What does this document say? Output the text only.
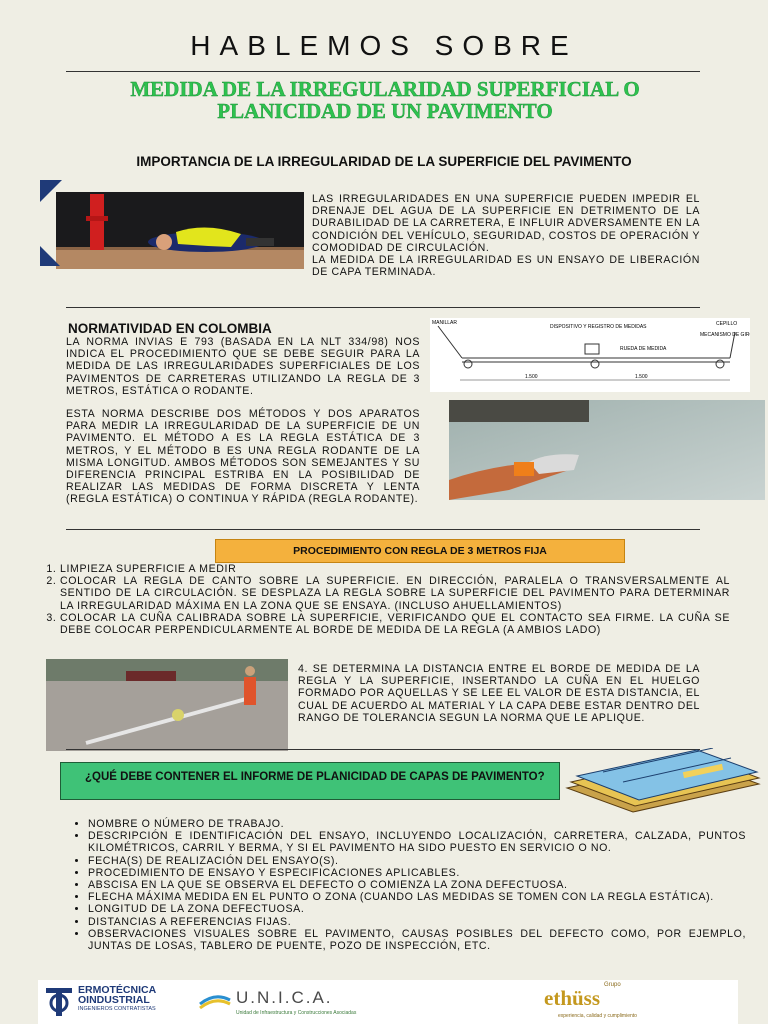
HABLEMOS SOBRE
MEDIDA DE LA IRREGULARIDAD SUPERFICIAL O PLANICIDAD DE UN PAVIMENTO
IMPORTANCIA DE LA IRREGULARIDAD DE LA SUPERFICIE DEL PAVIMENTO
LAS IRREGULARIDADES EN UNA SUPERFICIE PUEDEN IMPEDIR EL DRENAJE DEL AGUA DE LA SUPERFICIE EN DETRIMENTO DE LA DURABILIDAD DE LA CARRETERA, E INFLUIR ADVERSAMENTE EN LA CONDICIÓN DEL VEHÍCULO, SEGURIDAD, COSTOS DE OPERACIÓN Y COMODIDAD DE CIRCULACIÓN.
LA MEDIDA DE LA IRREGULARIDAD ES UN ENSAYO DE LIBERACIÓN DE CAPA TERMINADA.
NORMATIVIDAD EN COLOMBIA
LA NORMA INVIAS E 793 (BASADA EN LA NLT 334/98) NOS INDICA EL PROCEDIMIENTO QUE SE DEBE SEGUIR PARA LA MEDIDA DE LAS IRREGULARIDADES SUPERFICIALES DE LOS PAVIMENTOS DE CARRETERAS UTILIZANDO LA REGLA DE 3 METROS, ESTÁTICA O RODANTE.
ESTA NORMA DESCRIBE DOS MÉTODOS Y DOS APARATOS PARA MEDIR LA IRREGULARIDAD DE LA SUPERFICIE DE UN PAVIMENTO. EL MÉTODO A ES LA REGLA ESTÁTICA DE 3 METROS, Y EL MÉTODO B ES UNA REGLA RODANTE DE LA MISMA LONGITUD. AMBOS MÉTODOS SON SEMEJANTES Y SU DIFERENCIA PRINCIPAL ESTRIBA EN LA POSIBILIDAD DE REALIZAR LAS MEDIDAS DE FORMA DISCRETA Y LENTA (REGLA ESTÁTICA) O CONTINUA Y RÁPIDA (REGLA RODANTE).
MANILLAR
DISPOSITIVO Y REGISTRO DE MEDIDAS
RUEDA DE MEDIDA
CEPILLO
MECANISMO DE GIRO
1.500	1.500
PROCEDIMIENTO CON REGLA DE 3 METROS FIJA
1. LIMPIEZA SUPERFICIE A MEDIR
2. COLOCAR LA REGLA DE CANTO SOBRE LA SUPERFICIE. EN DIRECCIÓN, PARALELA O TRANSVERSALMENTE AL SENTIDO DE LA CIRCULACIÓN. SE DESPLAZA LA REGLA SOBRE LA SUPERFICIE DEL PAVIMENTO PARA DETERMINAR LA IRREGULARIDAD MÁXIMA EN LA ZONA QUE SE ENSAYA. (INCLUSO AHUELLAMIENTOS)
3. COLOCAR LA CUÑA CALIBRADA SOBRE LA SUPERFICIE, VERIFICANDO QUE EL CONTACTO SEA FIRME. LA CUÑA SE DEBE COLOCAR PERPENDICULARMENTE AL BORDE DE MEDIDA DE LA REGLA (A AMBIOS LADO)
4. SE DETERMINA LA DISTANCIA ENTRE EL BORDE DE MEDIDA DE LA REGLA Y LA SUPERFICIE, INSERTANDO LA CUÑA EN EL HUELGO FORMADO POR AQUELLAS Y SE LEE EL VALOR DE ESTA DISTANCIA, EL CUAL DE ACUERDO AL MATERIAL Y LA CAPA DEBE ESTAR DENTRO DEL RANGO DE TOLERANCIA SEGUN LA NORMA QUE LE APLIQUE.
¿QUÉ DEBE CONTENER EL INFORME DE PLANICIDAD DE CAPAS DE PAVIMENTO?
• NOMBRE O NÚMERO DE TRABAJO.
• DESCRIPCIÓN E IDENTIFICACIÓN DEL ENSAYO, INCLUYENDO LOCALIZACIÓN, CARRETERA, CALZADA, PUNTOS KILOMÉTRICOS, CARRIL Y BERMA, Y SI EL PAVIMENTO HA SIDO PUESTO EN SERVICIO O NO.
• FECHA(S) DE REALIZACIÓN DEL ENSAYO(S).
• PROCEDIMIENTO DE ENSAYO Y ESPECIFICACIONES APLICABLES.
• ABSCISA EN LA QUE SE OBSERVA EL DEFECTO O COMIENZA LA ZONA DEFECTUOSA.
• FLECHA MÁXIMA MEDIDA EN EL PUNTO O ZONA (CUANDO LAS MEDIDAS SE TOMEN CON LA REGLA ESTÁTICA).
• LONGITUD DE LA ZONA DEFECTUOSA.
• DISTANCIAS A REFERENCIAS FIJAS.
• OBSERVACIONES VISUALES SOBRE EL PAVIMENTO, CAUSAS POSIBLES DEL DEFECTO COMO, POR EJEMPLO, JUNTAS DE LOSAS, TABLERO DE PUENTE, POZO DE INSPECCIÓN, ETC.
ERMOTÉCNICA
OINDUSTRIAL
INGENIEROS CONTRATISTAS
U.N.I.C.A.
Unidad de Infraestructura y Construcciones Asociadas
Grupo
ethüss
experiencia, calidad y cumplimiento
